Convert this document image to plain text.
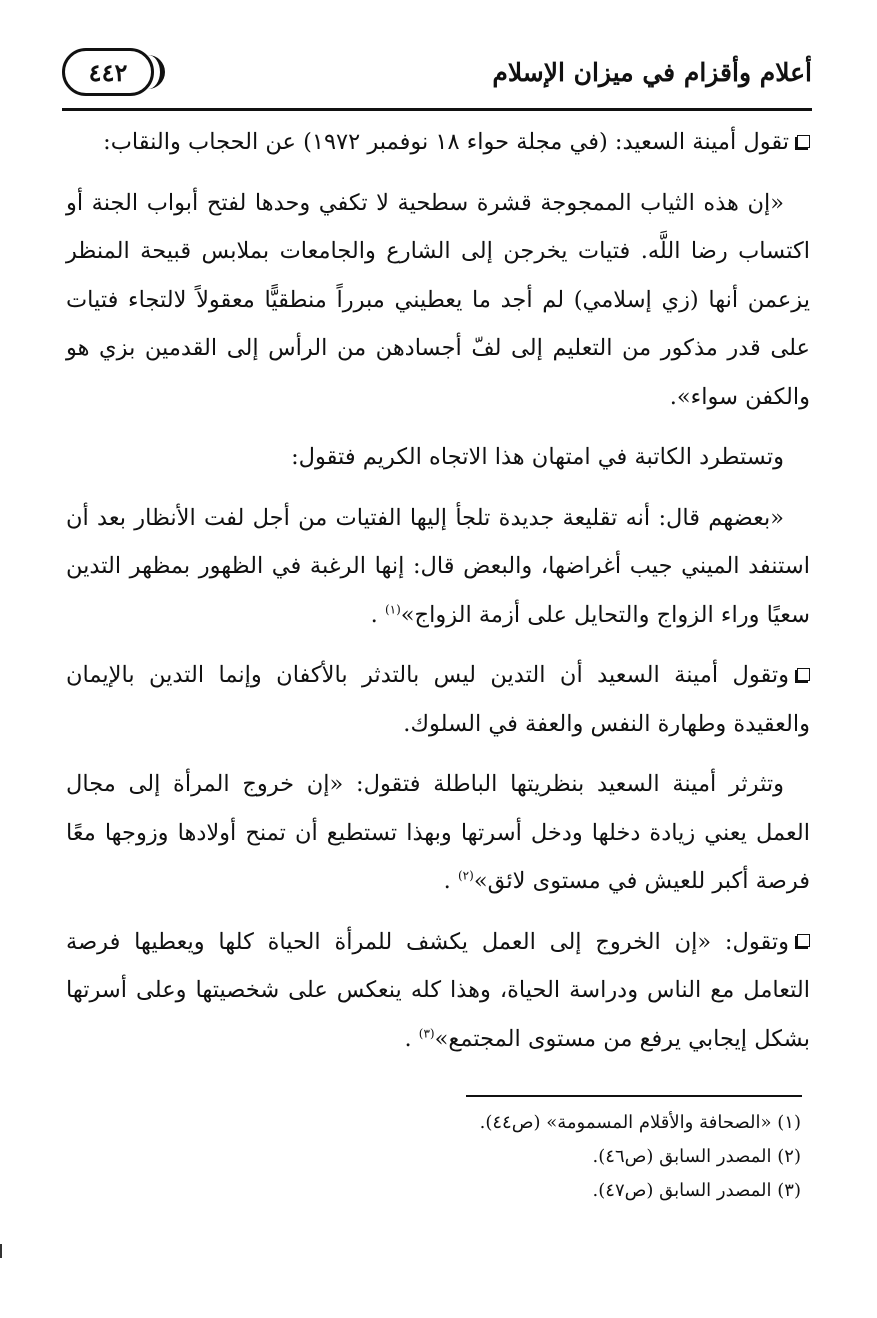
٤٤٢	أعلام وأقزام في ميزان الإسلام

تقول أمينة السعيد: (في مجلة حواء ١٨ نوفمبر ١٩٧٢) عن الحجاب والنقاب:

«إن هذه الثياب الممجوجة قشرة سطحية لا تكفي وحدها لفتح أبواب الجنة أو اكتساب رضا اللَّه. فتيات يخرجن إلى الشارع والجامعات بملابس قبيحة المنظر يزعمن أنها (زي إسلامي) لم أجد ما يعطيني مبرراً منطقيًّا معقولاً لالتجاء فتيات على قدر مذكور من التعليم إلى لفّ أجسادهن من الرأس إلى القدمين بزي هو والكفن سواء».

وتستطرد الكاتبة في امتهان هذا الاتجاه الكريم فتقول:

«بعضهم قال: أنه تقليعة جديدة تلجأ إليها الفتيات من أجل لفت الأنظار بعد أن استنفد الميني جيب أغراضها، والبعض قال: إنها الرغبة في الظهور بمظهر التدين سعيًا وراء الزواج والتحايل على أزمة الزواج»$^{(١)}$ .

وتقول أمينة السعيد أن التدين ليس بالتدثر بالأكفان وإنما التدين بالإيمان والعقيدة وطهارة النفس والعفة في السلوك.

وتثرثر أمينة السعيد بنظريتها الباطلة فتقول: «إن خروج المرأة إلى مجال العمل يعني زيادة دخلها ودخل أسرتها وبهذا تستطيع أن تمنح أولادها وزوجها معًا فرصة أكبر للعيش في مستوى لائق»$^{(٢)}$ .

وتقول: «إن الخروج إلى العمل يكشف للمرأة الحياة كلها ويعطيها فرصة التعامل مع الناس ودراسة الحياة، وهذا كله ينعكس على شخصيتها وعلى أسرتها بشكل إيجابي يرفع من مستوى المجتمع»$^{(٣)}$ .

(١) «الصحافة والأقلام المسمومة» (ص٤٤).
(٢) المصدر السابق (ص٤٦).
(٣) المصدر السابق (ص٤٧).
